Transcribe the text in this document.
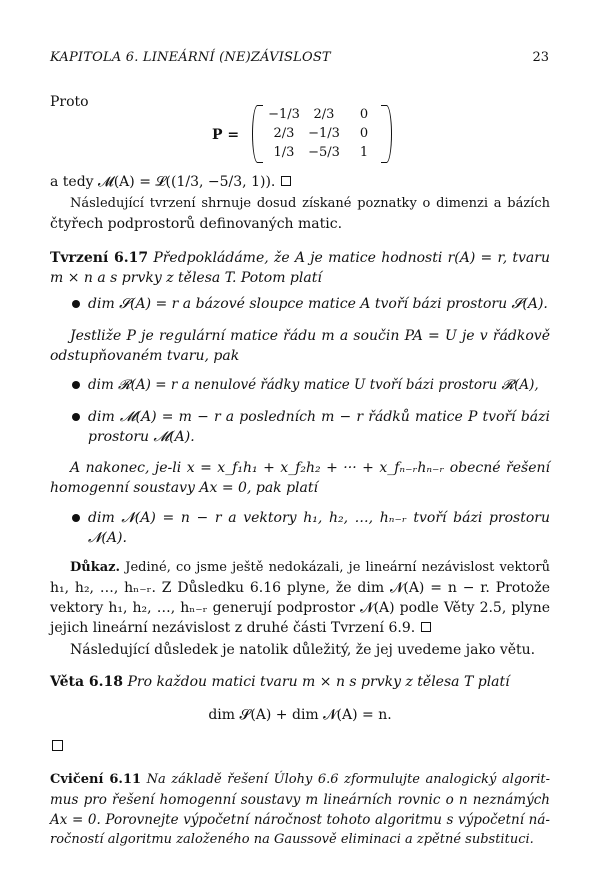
KAPITOLA 6. LINEÁRNÍ (NE)ZÁVISLOST	23
Proto
P =
−1/3	2/3	0
2/3	−1/3	0
1/3	−5/3	1
a tedy 𝓜(A) = 𝓛((1/3, −5/3, 1)).
Následující tvrzení shrnuje dosud získané poznatky o dimenzi a bázích
čtyřech podprostorů definovaných matic.
Tvrzení 6.17 Předpokládáme, že A je matice hodnosti r(A) = r, tvaru
m × n a s prvky z tělesa T. Potom platí
dim 𝓢(A) = r a bázové sloupce matice A tvoří bázi prostoru 𝓢(A).
Jestliže P je regulární matice řádu m a součin PA = U je v řádkově
odstupňovaném tvaru, pak
dim 𝓡(A) = r a nenulové řádky matice U tvoří bázi prostoru 𝓡(A),
dim 𝓜(A) = m − r a posledních m − r řádků matice P tvoří bázi
prostoru 𝓜(A).
A nakonec, je-li x = x_f₁h₁ + x_f₂h₂ + ··· + x_fₙ₋ᵣhₙ₋ᵣ obecné řešení
homogenní soustavy Ax = 0, pak platí
dim 𝓝(A) = n − r a vektory h₁, h₂, …, hₙ₋ᵣ tvoří bázi prostoru
𝓝(A).
Důkaz. Jediné, co jsme ještě nedokázali, je lineární nezávislost vektorů
h₁, h₂, …, hₙ₋ᵣ. Z Důsledku 6.16 plyne, že dim 𝓝(A) = n − r. Protože
vektory h₁, h₂, …, hₙ₋ᵣ generují podprostor 𝓝(A) podle Věty 2.5, plyne
jejich lineární nezávislost z druhé části Tvrzení 6.9.
Následující důsledek je natolik důležitý, že jej uvedeme jako větu.
Věta 6.18 Pro každou matici tvaru m × n s prvky z tělesa T platí
dim 𝓢(A) + dim 𝓝(A) = n.
Cvičení 6.11 Na základě řešení Úlohy 6.6 zformulujte analogický algorit-
mus pro řešení homogenní soustavy m lineárních rovnic o n neznámých
Ax = 0. Porovnejte výpočetní náročnost tohoto algoritmu s výpočetní ná-
ročností algoritmu založeného na Gaussově eliminaci a zpětné substituci.
